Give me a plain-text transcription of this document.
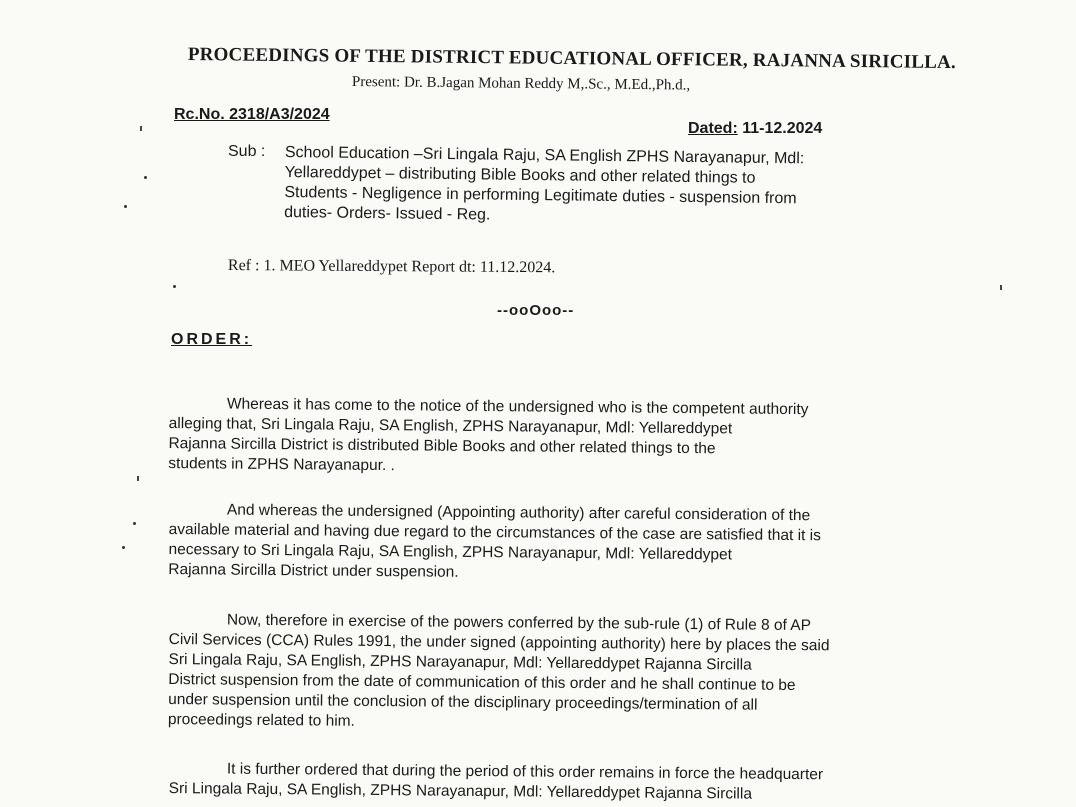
PROCEEDINGS OF THE DISTRICT EDUCATIONAL OFFICER, RAJANNA SIRICILLA.
Present: Dr. B.Jagan Mohan Reddy M,.Sc., M.Ed.,Ph.d.,
Rc.No. 2318/A3/2024
Dated: 11-12.2024
Sub : School Education –Sri Lingala Raju, SA English ZPHS Narayanapur, Mdl:
Yellareddypet – distributing Bible Books and other related things to
Students - Negligence in performing Legitimate duties - suspension from
duties- Orders- Issued - Reg.
Ref : 1. MEO Yellareddypet Report dt: 11.12.2024.
--ooOoo--
ORDER:
Whereas it has come to the notice of the undersigned who is the competent authority
alleging that, Sri Lingala Raju, SA English, ZPHS Narayanapur, Mdl: Yellareddypet
Rajanna Sircilla District is distributed Bible Books and other related things to the
students in ZPHS Narayanapur. .
And whereas the undersigned (Appointing authority) after careful consideration of the
available material and having due regard to the circumstances of the case are satisfied that it is
necessary to Sri Lingala Raju, SA English, ZPHS Narayanapur, Mdl: Yellareddypet
Rajanna Sircilla District under suspension.
Now, therefore in exercise of the powers conferred by the sub-rule (1) of Rule 8 of AP
Civil Services (CCA) Rules 1991, the under signed (appointing authority) here by places the said
Sri Lingala Raju, SA English, ZPHS Narayanapur, Mdl: Yellareddypet Rajanna Sircilla
District suspension from the date of communication of this order and he shall continue to be
under suspension until the conclusion of the disciplinary proceedings/termination of all
proceedings related to him.
It is further ordered that during the period of this order remains in force the headquarter
Sri Lingala Raju, SA English, ZPHS Narayanapur, Mdl: Yellareddypet Rajanna Sircilla
